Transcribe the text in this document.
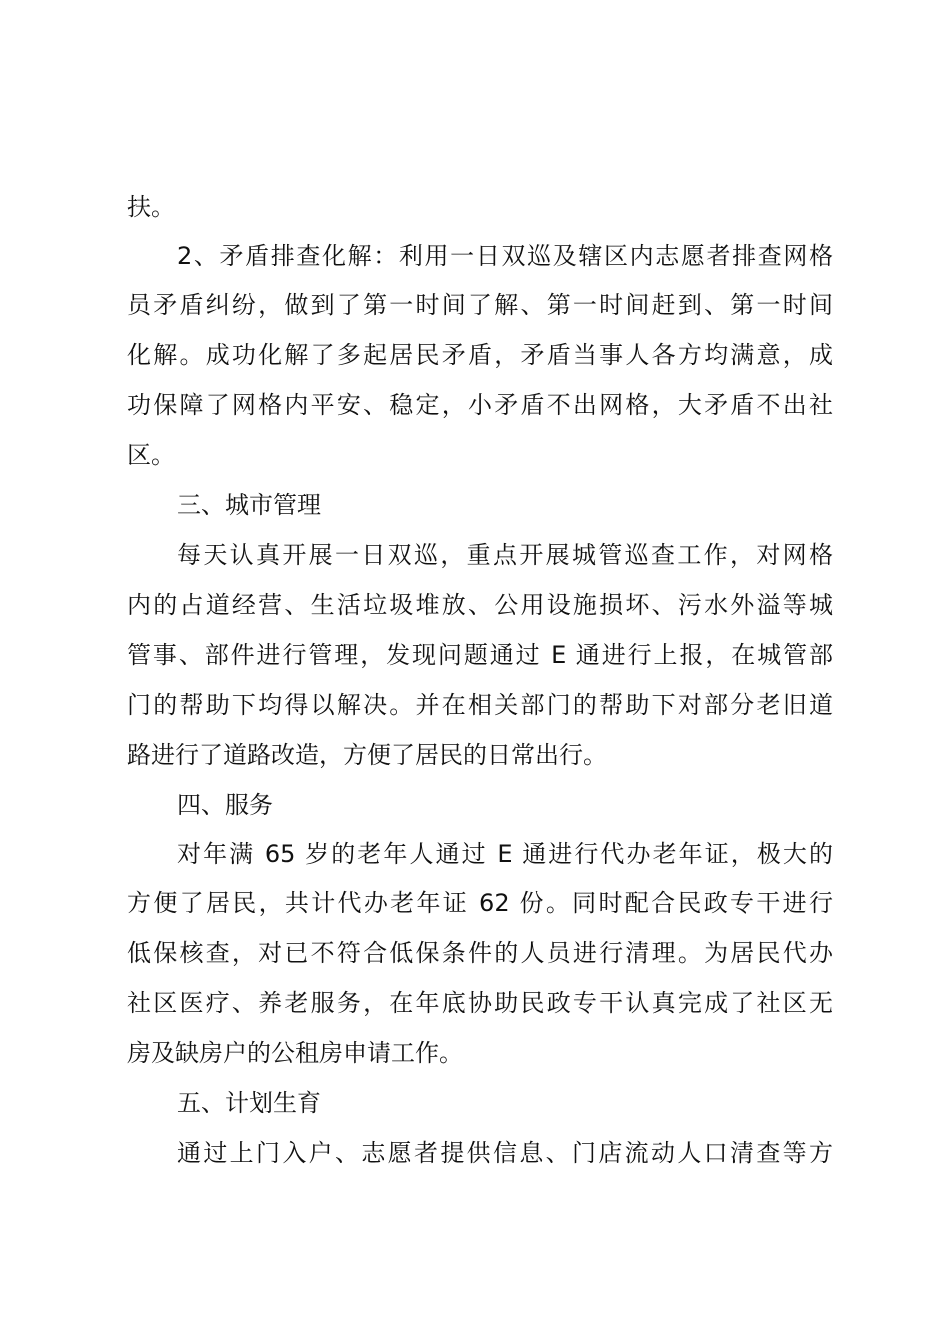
扶。
2、矛盾排查化解：利用一日双巡及辖区内志愿者排查网格
员矛盾纠纷，做到了第一时间了解、第一时间赶到、第一时间
化解。成功化解了多起居民矛盾，矛盾当事人各方均满意，成
功保障了网格内平安、稳定，小矛盾不出网格，大矛盾不出社
区。
三、城市管理
每天认真开展一日双巡，重点开展城管巡查工作，对网格
内的占道经营、生活垃圾堆放、公用设施损坏、污水外溢等城
管事、部件进行管理，发现问题通过 E 通进行上报，在城管部
门的帮助下均得以解决。并在相关部门的帮助下对部分老旧道
路进行了道路改造，方便了居民的日常出行。
四、服务
对年满 65 岁的老年人通过 E 通进行代办老年证，极大的
方便了居民，共计代办老年证 62 份。同时配合民政专干进行
低保核查，对已不符合低保条件的人员进行清理。为居民代办
社区医疗、养老服务，在年底协助民政专干认真完成了社区无
房及缺房户的公租房申请工作。
五、计划生育
通过上门入户、志愿者提供信息、门店流动人口清查等方
